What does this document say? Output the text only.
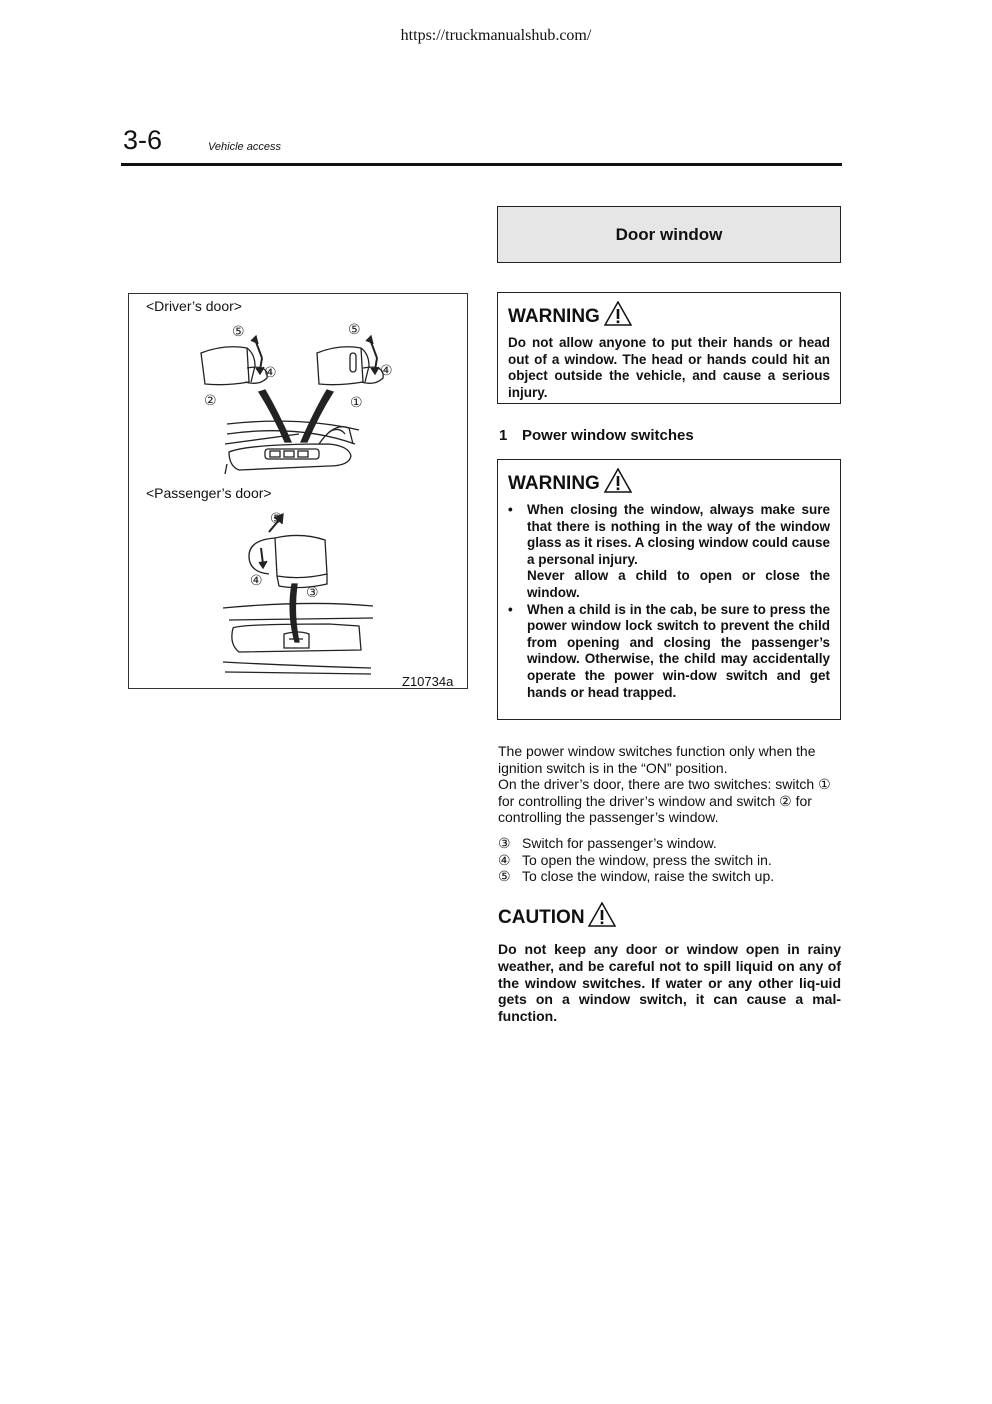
https://truckmanualshub.com/
3-6	Vehicle access
<Driver’s door>
<Passenger’s door>
Z10734a
⑤	⑤
④	④
②	①
⑤
④
③
Door window
WARNING
Do not allow anyone to put their hands or head out of a window. The head or hands could hit an object outside the vehicle, and cause a serious injury.
1 Power window switches
WARNING
• When closing the window, always make sure that there is nothing in the way of the window glass as it rises. A closing window could cause a personal injury.
Never allow a child to open or close the window.
• When a child is in the cab, be sure to press the power window lock switch to prevent the child from opening and closing the passenger’s window. Otherwise, the child may accidentally operate the power win-dow switch and get hands or head trapped.
The power window switches function only when the ignition switch is in the “ON” position.
On the driver’s door, there are two switches: switch ① for controlling the driver’s window and switch ② for controlling the passenger’s window.
③ Switch for passenger’s window.
④ To open the window, press the switch in.
⑤ To close the window, raise the switch up.
CAUTION
Do not keep any door or window open in rainy weather, and be careful not to spill liquid on any of the window switches. If water or any other liq-uid gets on a window switch, it can cause a mal-function.
